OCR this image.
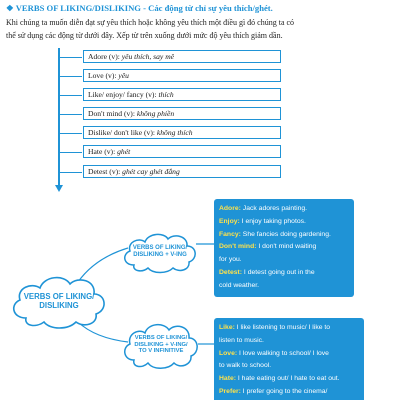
❖ VERBS OF LIKING/DISLIKING - Các động từ chỉ sự yêu thích/ghét.
Khi chúng ta muốn diễn đạt sự yêu thích hoặc không yêu thích một điều gì đó chúng ta có
thể sử dụng các động từ dưới đây. Xếp từ trên xuống dưới mức độ yêu thích giảm dần.
Adore (v): yêu thích, say mê
Love (v): yêu
Like/ enjoy/ fancy (v): thích
Don't mind (v): không phiền
Dislike/ don't like (v): không thích
Hate (v): ghét
Detest (v): ghét cay ghét đắng
VERBS OF LIKING/
DISLIKING
VERBS OF LIKING/
DISLIKING + V-ING
VERBS OF LIKING/
DISLIKING + V-ING/
TO V INFINITIVE
Adore: Jack adores painting.
Enjoy: I enjoy taking photos.
Fancy: She fancies doing gardening.
Don't mind: I don't mind waiting
for you.
Detest: I detest going out in the
cold weather.
Like: I like listening to music/ I like to
listen to music.
Love: I love walking to school/ I love
to walk to school.
Hate: I hate eating out/ I hate to eat out.
Prefer: I prefer going to the cinema/
